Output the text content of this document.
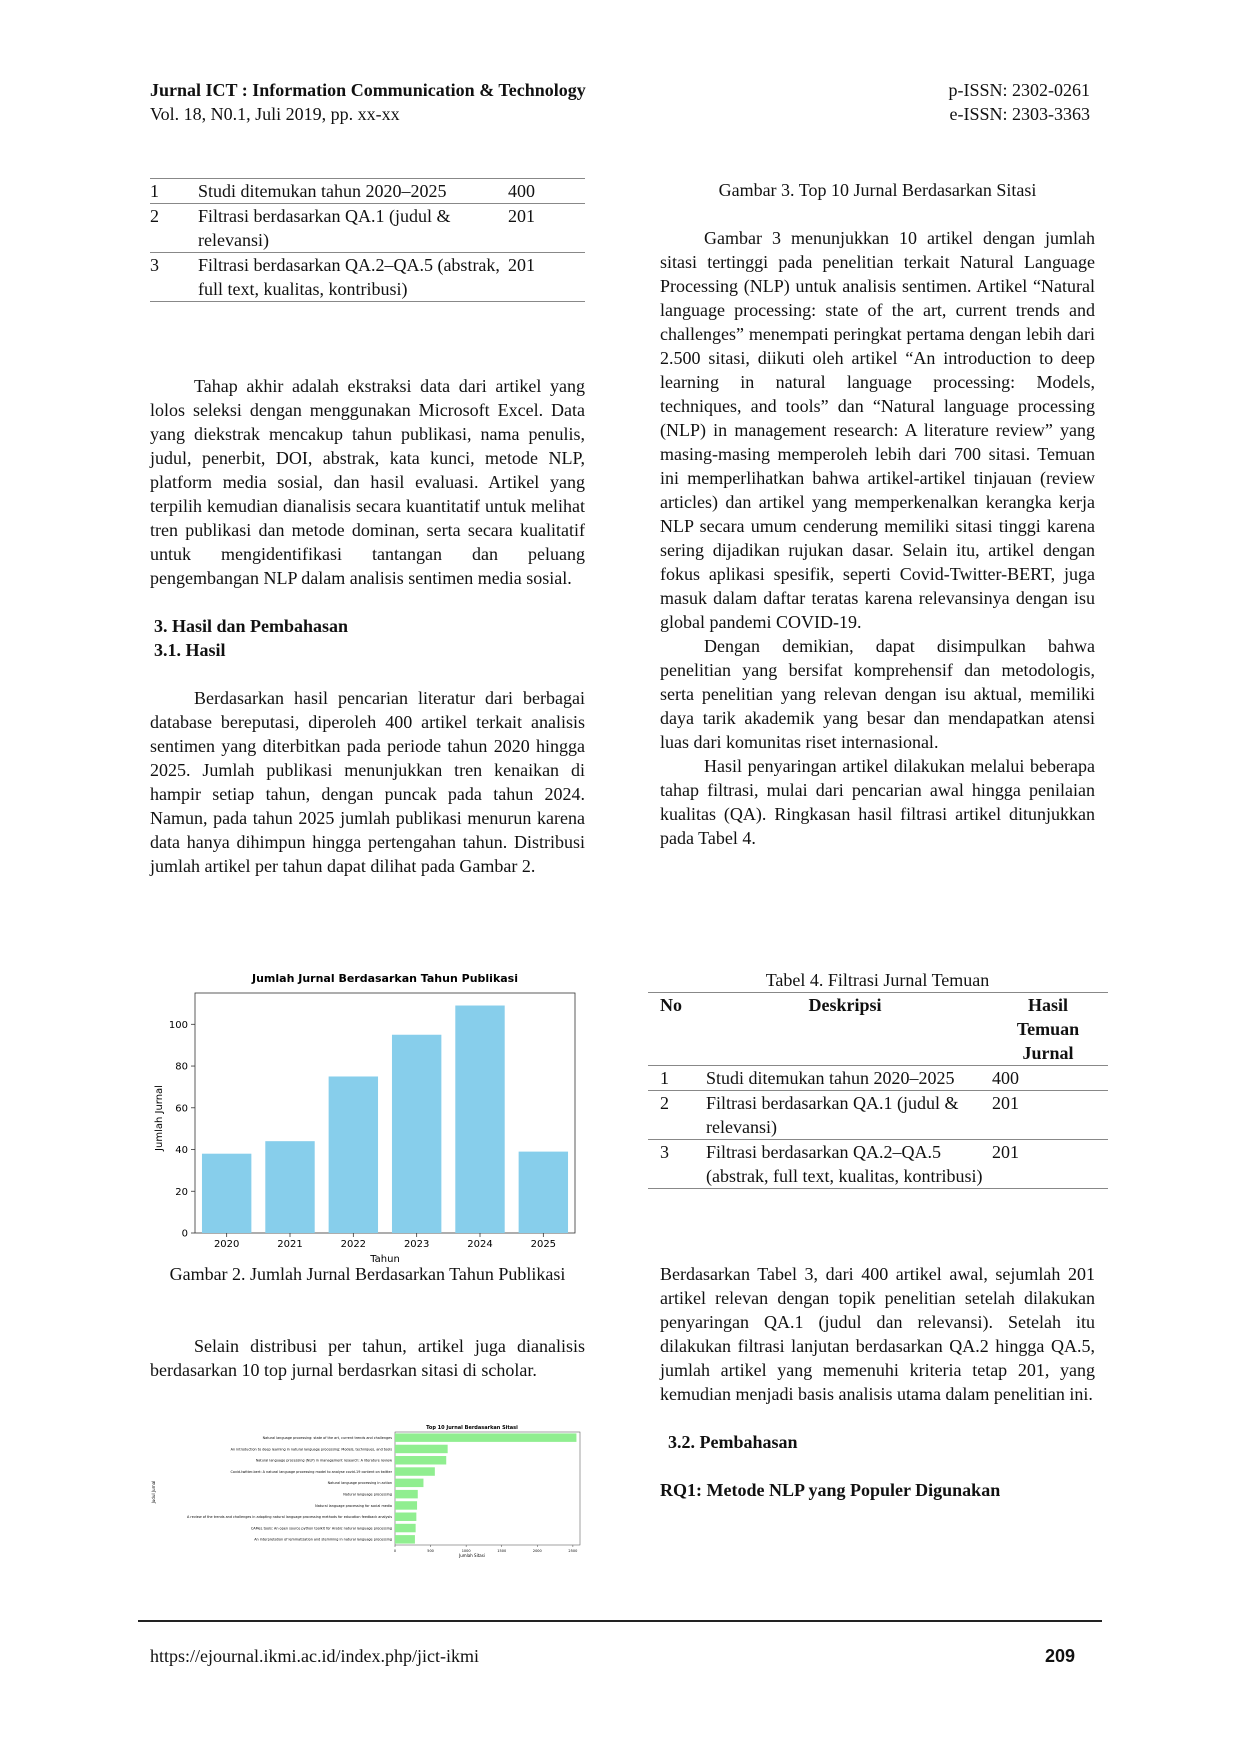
Jurnal ICT : Information Communication & Technology
Vol. 18, N0.1, Juli 2019, pp. xx-xx
p-ISSN: 2302-0261
e-ISSN: 2303-3363
1	Studi ditemukan tahun 2020–2025	400
2	Filtrasi berdasarkan QA.1 (judul & relevansi)	201
3	Filtrasi berdasarkan QA.2–QA.5 (abstrak, full text, kualitas, kontribusi)	201

Tahap akhir adalah ekstraksi data dari artikel yang lolos seleksi dengan menggunakan Microsoft Excel. Data yang diekstrak mencakup tahun publikasi, nama penulis, judul, penerbit, DOI, abstrak, kata kunci, metode NLP, platform media sosial, dan hasil evaluasi. Artikel yang terpilih kemudian dianalisis secara kuantitatif untuk melihat tren publikasi dan metode dominan, serta secara kualitatif untuk mengidentifikasi tantangan dan peluang pengembangan NLP dalam analisis sentimen media sosial.

3. Hasil dan Pembahasan
3.1. Hasil

Berdasarkan hasil pencarian literatur dari berbagai database bereputasi, diperoleh 400 artikel terkait analisis sentimen yang diterbitkan pada periode tahun 2020 hingga 2025. Jumlah publikasi menunjukkan tren kenaikan di hampir setiap tahun, dengan puncak pada tahun 2024. Namun, pada tahun 2025 jumlah publikasi menurun karena data hanya dihimpun hingga pertengahan tahun. Distribusi jumlah artikel per tahun dapat dilihat pada Gambar 2.

Jumlah Jurnal Berdasarkan Tahun Publikasi
0
20
40
60
80
100
2020	2021	2022	2023	2024	2025
Tahun
Jumlah Jurnal
Gambar 2. Jumlah Jurnal Berdasarkan Tahun Publikasi

Selain distribusi per tahun, artikel juga dianalisis berdasarkan 10 top jurnal berdasrkan sitasi di scholar.

Top 10 Jurnal Berdasarkan Sitasi
0	500	1000	1500	2000	2500
Natural language processing: state of the art, current trends and challenges
An introduction to deep learning in natural language processing: Models, techniques, and tools
Natural language processing (NLP) in management research: A literature review
Covid-twitter-bert: A natural language processing model to analyse covid-19 content on twitter
Natural language processing in action
Natural language processing
Natural language processing for social media
A review of the trends and challenges in adopting natural language processing methods for education feedback analysis
CAMeL tools: An open source python toolkit for Arabic natural language processing
An interpretation of lemmatization and stemming in natural language processing
Jumlah Sitasi
Judul Jurnal
Gambar 3. Top 10 Jurnal Berdasarkan Sitasi

Gambar 3 menunjukkan 10 artikel dengan jumlah sitasi tertinggi pada penelitian terkait Natural Language Processing (NLP) untuk analisis sentimen. Artikel “Natural language processing: state of the art, current trends and challenges” menempati peringkat pertama dengan lebih dari 2.500 sitasi, diikuti oleh artikel “An introduction to deep learning in natural language processing: Models, techniques, and tools” dan “Natural language processing (NLP) in management research: A literature review” yang masing-masing memperoleh lebih dari 700 sitasi. Temuan ini memperlihatkan bahwa artikel-artikel tinjauan (review articles) dan artikel yang memperkenalkan kerangka kerja NLP secara umum cenderung memiliki sitasi tinggi karena sering dijadikan rujukan dasar. Selain itu, artikel dengan fokus aplikasi spesifik, seperti Covid-Twitter-BERT, juga masuk dalam daftar teratas karena relevansinya dengan isu global pandemi COVID-19.

Dengan demikian, dapat disimpulkan bahwa penelitian yang bersifat komprehensif dan metodologis, serta penelitian yang relevan dengan isu aktual, memiliki daya tarik akademik yang besar dan mendapatkan atensi luas dari komunitas riset internasional.

Hasil penyaringan artikel dilakukan melalui beberapa tahap filtrasi, mulai dari pencarian awal hingga penilaian kualitas (QA). Ringkasan hasil filtrasi artikel ditunjukkan pada Tabel 4.

Tabel 4. Filtrasi Jurnal Temuan
No	Deskripsi	Hasil Temuan Jurnal
1	Studi ditemukan tahun 2020–2025	400
2	Filtrasi berdasarkan QA.1 (judul & relevansi)	201
3	Filtrasi berdasarkan QA.2–QA.5 (abstrak, full text, kualitas, kontribusi)	201

Berdasarkan Tabel 3, dari 400 artikel awal, sejumlah 201 artikel relevan dengan topik penelitian setelah dilakukan penyaringan QA.1 (judul dan relevansi). Setelah itu dilakukan filtrasi lanjutan berdasarkan QA.2 hingga QA.5, jumlah artikel yang memenuhi kriteria tetap 201, yang kemudian menjadi basis analisis utama dalam penelitian ini.

3.2. Pembahasan
RQ1: Metode NLP yang Populer Digunakan
https://ejournal.ikmi.ac.id/index.php/jict-ikmi	209
